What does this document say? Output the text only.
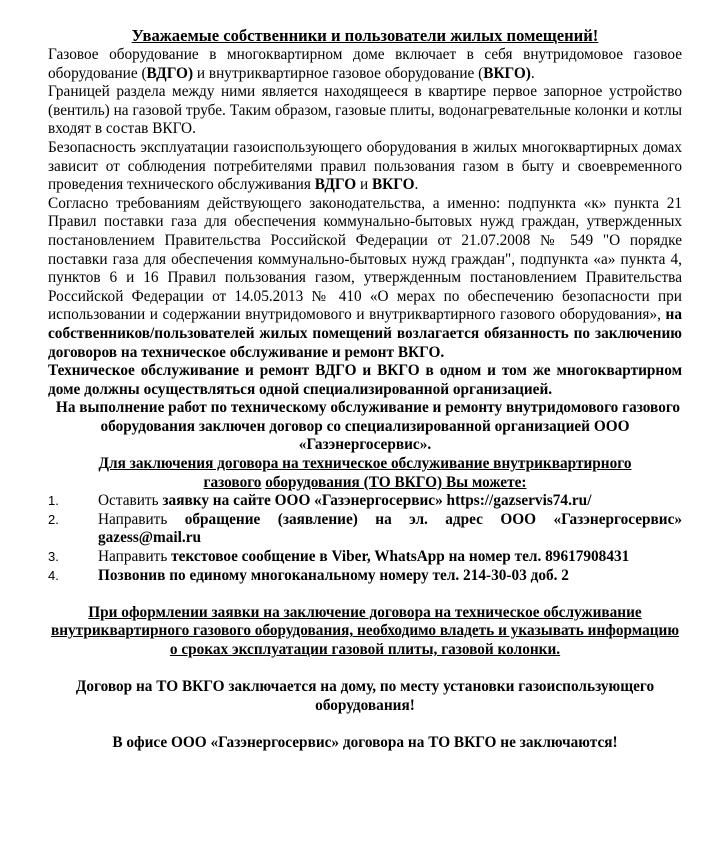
Уважаемые собственники и пользователи жилых помещений!

Газовое оборудование в многоквартирном доме включает в себя внутридомовое газовое оборудование (ВДГО) и внутриквартирное газовое оборудование (ВКГО).

Границей раздела между ними является находящееся в квартире первое запорное устройство (вентиль) на газовой трубе. Таким образом, газовые плиты, водонагревательные колонки и котлы входят в состав ВКГО.

Безопасность эксплуатации газоиспользующего оборудования в жилых многоквартирных домах зависит от соблюдения потребителями правил пользования газом в быту и своевременного проведения технического обслуживания ВДГО и ВКГО.

Согласно требованиям действующего законодательства, а именно: подпункта «к» пункта 21 Правил поставки газа для обеспечения коммунально-бытовых нужд граждан, утвержденных постановлением Правительства Российской Федерации от 21.07.2008 № 549 "О порядке поставки газа для обеспечения коммунально-бытовых нужд граждан", подпункта «а» пункта 4, пунктов 6 и 16 Правил пользования газом, утвержденным постановлением Правительства Российской Федерации от 14.05.2013 № 410 «О мерах по обеспечению безопасности при использовании и содержании внутридомового и внутриквартирного газового оборудования», на собственников/пользователей жилых помещений возлагается обязанность по заключению договоров на техническое обслуживание и ремонт ВКГО.

Техническое обслуживание и ремонт ВДГО и ВКГО в одном и том же многоквартирном доме должны осуществляться одной специализированной организацией.

На выполнение работ по техническому обслуживание и ремонту внутридомового газового оборудования заключен договор со специализированной организацией ООО «Газэнергосервис».

Для заключения договора на техническое обслуживание внутриквартирного
газового оборудования (ТО ВКГО) Вы можете:

1.	Оставить заявку на сайте ООО «Газэнергосервис» https://gazservis74.ru/
2.	Направить обращение (заявление) на эл. адрес ООО «Газэнергосервис» gazess@mail.ru
3.	Направить текстовое сообщение в Viber, WhatsApp на номер тел. 89617908431
4.	Позвонив по единому многоканальному номеру тел. 214-30-03 доб. 2

При оформлении заявки на заключение договора на техническое обслуживание внутриквартирного газового оборудования, необходимо владеть и указывать информацию о сроках эксплуатации газовой плиты, газовой колонки.

Договор на ТО ВКГО заключается на дому, по месту установки газоиспользующего оборудования!

В офисе ООО «Газэнергосервис» договора на ТО ВКГО не заключаются!
